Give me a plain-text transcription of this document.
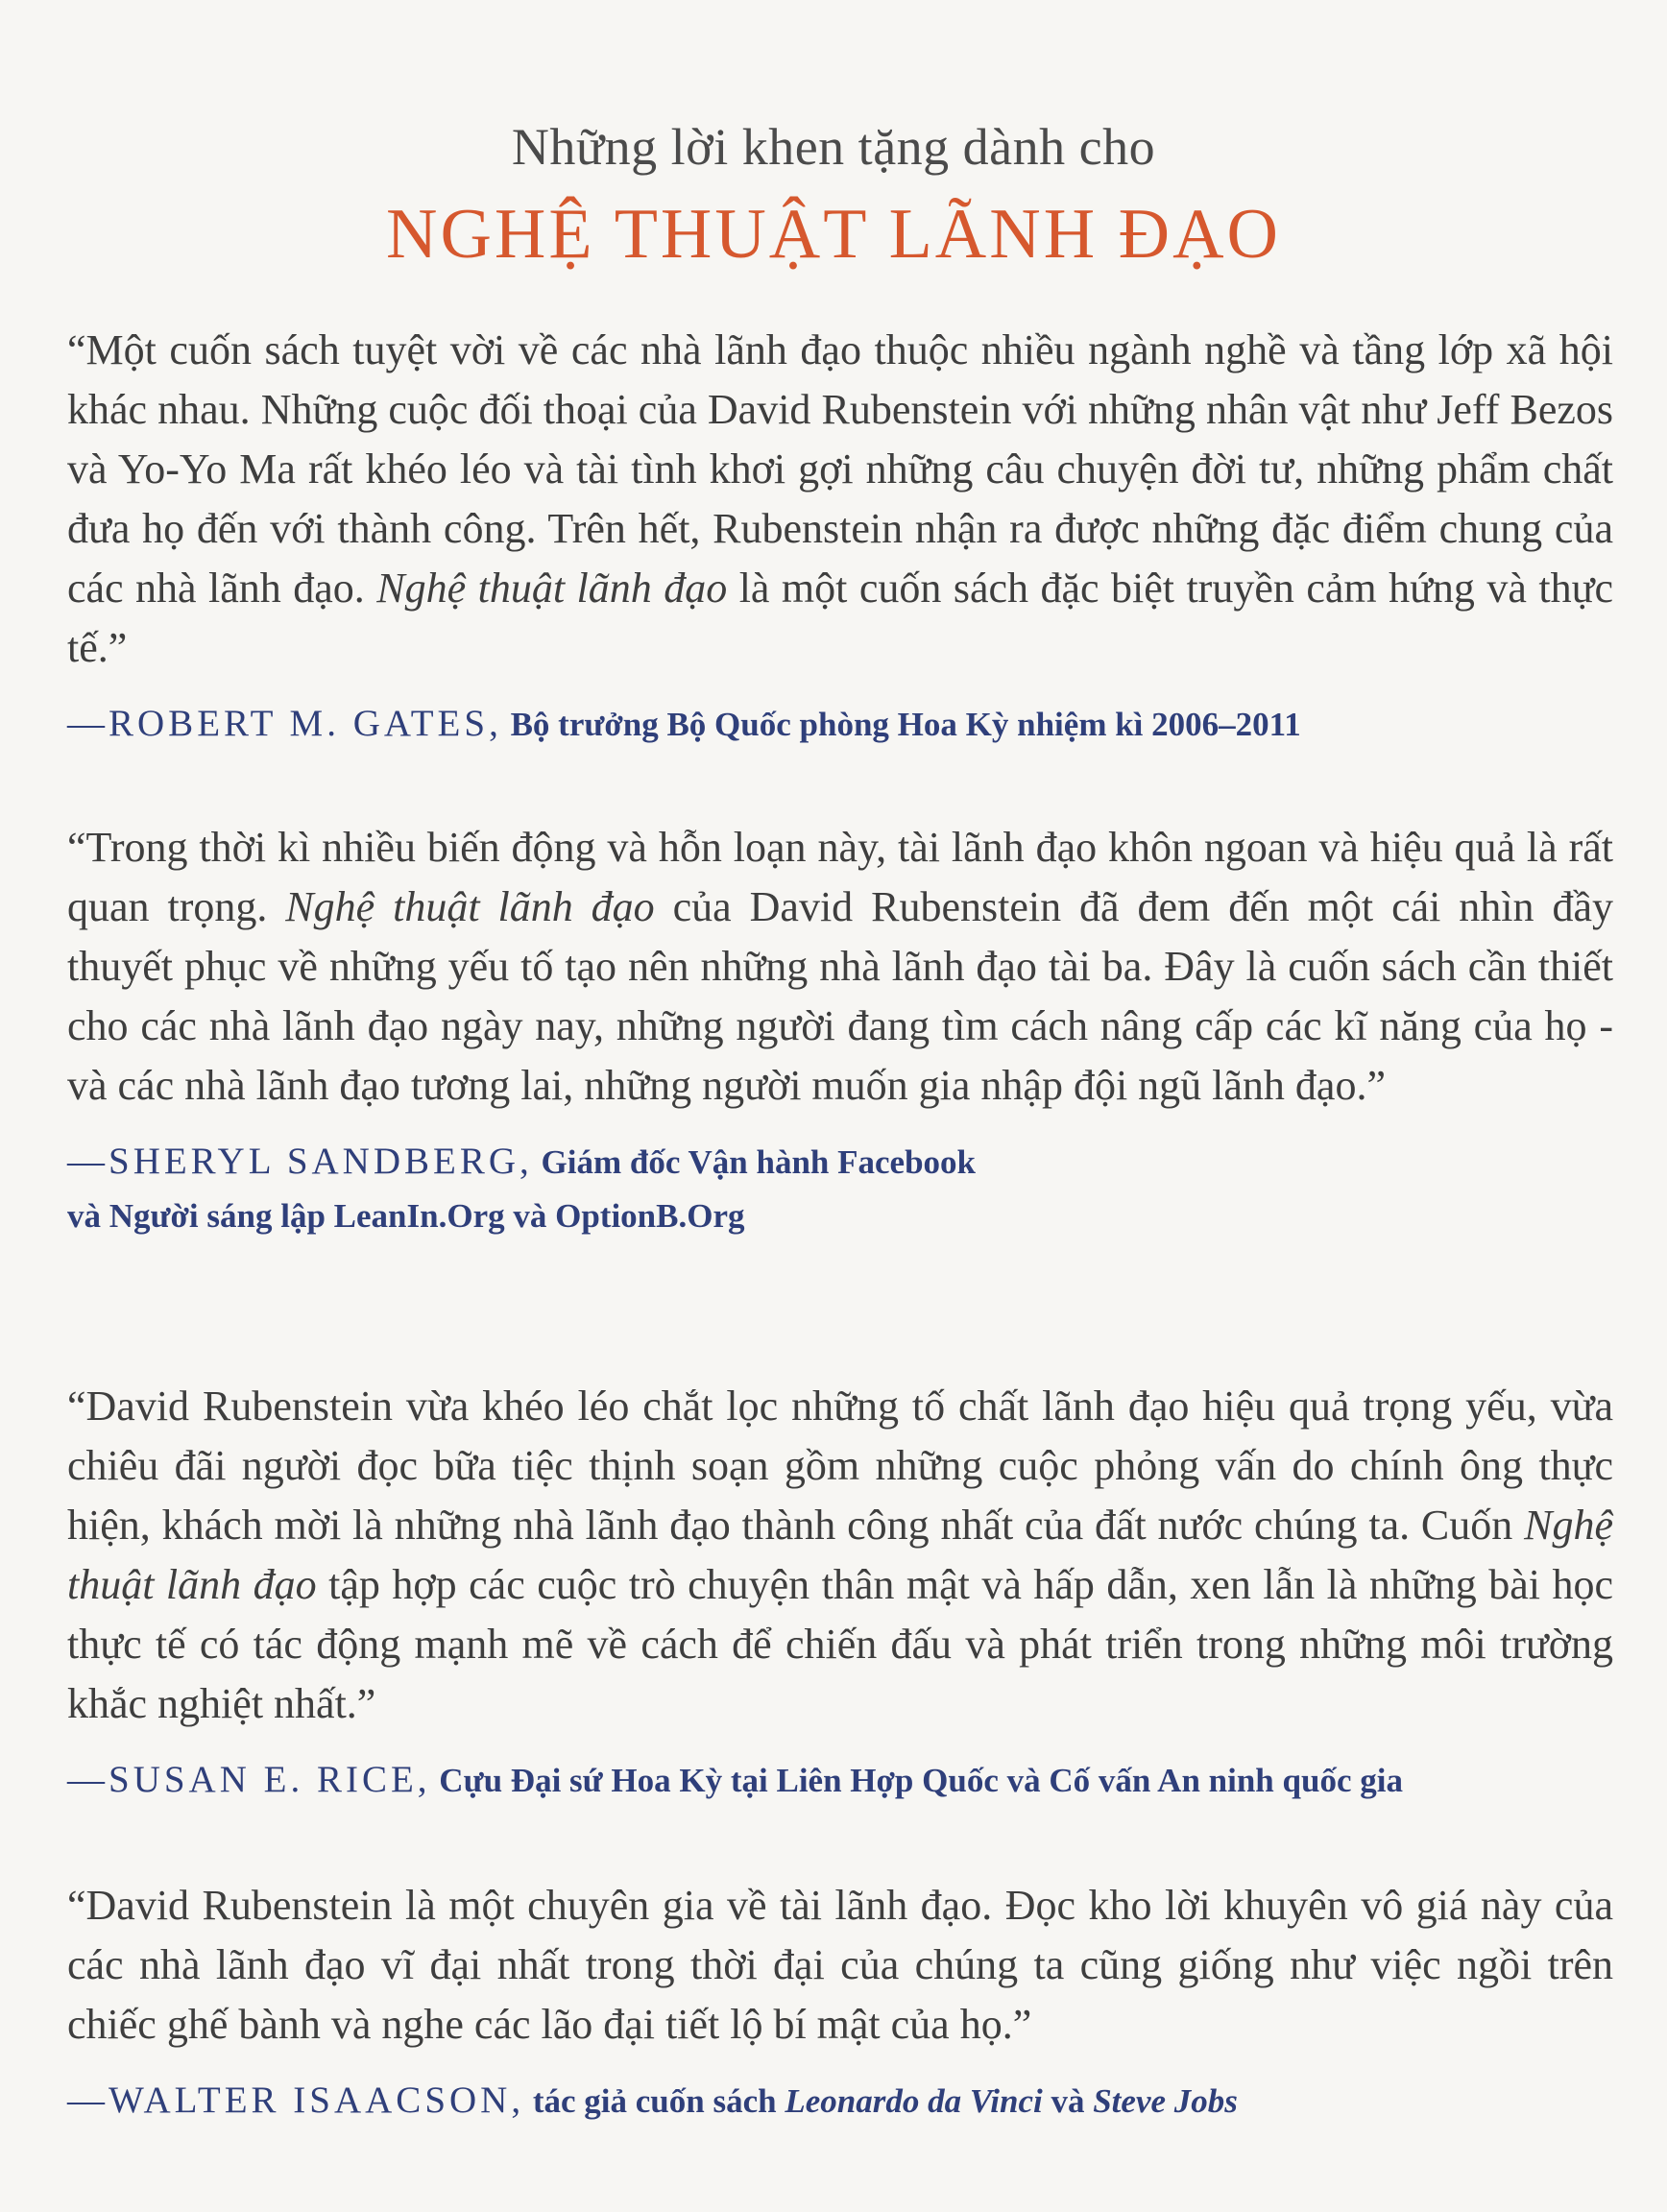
Những lời khen tặng dành cho
NGHỆ THUẬT LÃNH ĐẠO

“Một cuốn sách tuyệt vời về các nhà lãnh đạo thuộc nhiều ngành nghề và tầng lớp xã hội khác nhau. Những cuộc đối thoại của David Rubenstein với những nhân vật như Jeff Bezos và Yo-Yo Ma rất khéo léo và tài tình khơi gợi những câu chuyện đời tư, những phẩm chất đưa họ đến với thành công. Trên hết, Rubenstein nhận ra được những đặc điểm chung của các nhà lãnh đạo. Nghệ thuật lãnh đạo là một cuốn sách đặc biệt truyền cảm hứng và thực tế.”

—ROBERT M. GATES, Bộ trưởng Bộ Quốc phòng Hoa Kỳ nhiệm kì 2006–2011

“Trong thời kì nhiều biến động và hỗn loạn này, tài lãnh đạo khôn ngoan và hiệu quả là rất quan trọng. Nghệ thuật lãnh đạo của David Rubenstein đã đem đến một cái nhìn đầy thuyết phục về những yếu tố tạo nên những nhà lãnh đạo tài ba. Đây là cuốn sách cần thiết cho các nhà lãnh đạo ngày nay, những người đang tìm cách nâng cấp các kĩ năng của họ - và các nhà lãnh đạo tương lai, những người muốn gia nhập đội ngũ lãnh đạo.”

—SHERYL SANDBERG, Giám đốc Vận hành Facebook
và Người sáng lập LeanIn.Org và OptionB.Org

“David Rubenstein vừa khéo léo chắt lọc những tố chất lãnh đạo hiệu quả trọng yếu, vừa chiêu đãi người đọc bữa tiệc thịnh soạn gồm những cuộc phỏng vấn do chính ông thực hiện, khách mời là những nhà lãnh đạo thành công nhất của đất nước chúng ta. Cuốn Nghệ thuật lãnh đạo tập hợp các cuộc trò chuyện thân mật và hấp dẫn, xen lẫn là những bài học thực tế có tác động mạnh mẽ về cách để chiến đấu và phát triển trong những môi trường khắc nghiệt nhất.”

—SUSAN E. RICE, Cựu Đại sứ Hoa Kỳ tại Liên Hợp Quốc và Cố vấn An ninh quốc gia

“David Rubenstein là một chuyên gia về tài lãnh đạo. Đọc kho lời khuyên vô giá này của các nhà lãnh đạo vĩ đại nhất trong thời đại của chúng ta cũng giống như việc ngồi trên chiếc ghế bành và nghe các lão đại tiết lộ bí mật của họ.”

—WALTER ISAACSON, tác giả cuốn sách Leonardo da Vinci và Steve Jobs
